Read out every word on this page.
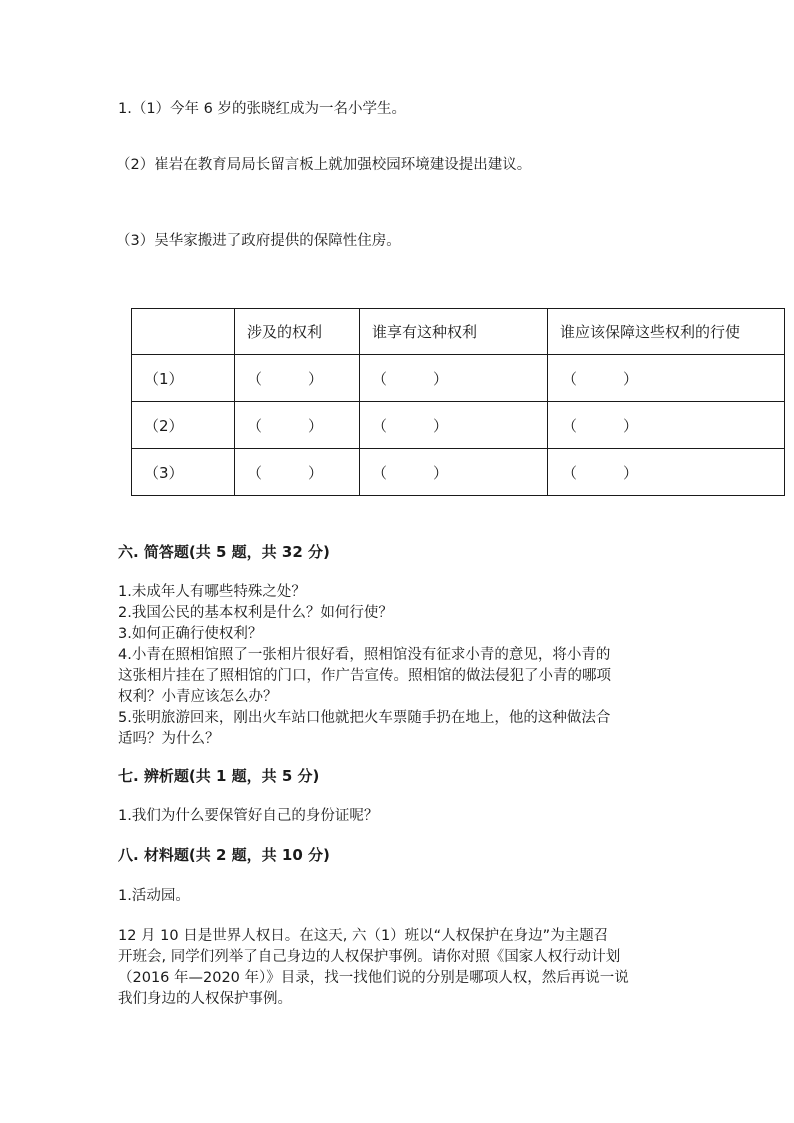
1.（1）今年 6 岁的张晓红成为一名小学生。
（2）崔岩在教育局局长留言板上就加强校园环境建设提出建议。
（3）吴华家搬进了政府提供的保障性住房。
	涉及的权利	谁享有这种权利	谁应该保障这些权利的行使
（1）	（ ）	（ ）	（ ）
（2）	（ ）	（ ）	（ ）
（3）	（ ）	（ ）	（ ）
六. 简答题(共 5 题，共 32 分)
1.未成年人有哪些特殊之处？
2.我国公民的基本权利是什么？如何行使？
3.如何正确行使权利？
4.小青在照相馆照了一张相片很好看，照相馆没有征求小青的意见，将小青的
这张相片挂在了照相馆的门口，作广告宣传。照相馆的做法侵犯了小青的哪项
权利？小青应该怎么办？
5.张明旅游回来，刚出火车站口他就把火车票随手扔在地上，他的这种做法合
适吗？为什么？
七. 辨析题(共 1 题，共 5 分)
1.我们为什么要保管好自己的身份证呢？
八. 材料题(共 2 题，共 10 分)
1.活动园。
12 月 10 日是世界人权日。在这天, 六（1）班以“人权保护在身边”为主题召
开班会, 同学们列举了自己身边的人权保护事例。请你对照《国家人权行动计划
（2016 年—2020 年）》目录，找一找他们说的分别是哪项人权，然后再说一说
我们身边的人权保护事例。
